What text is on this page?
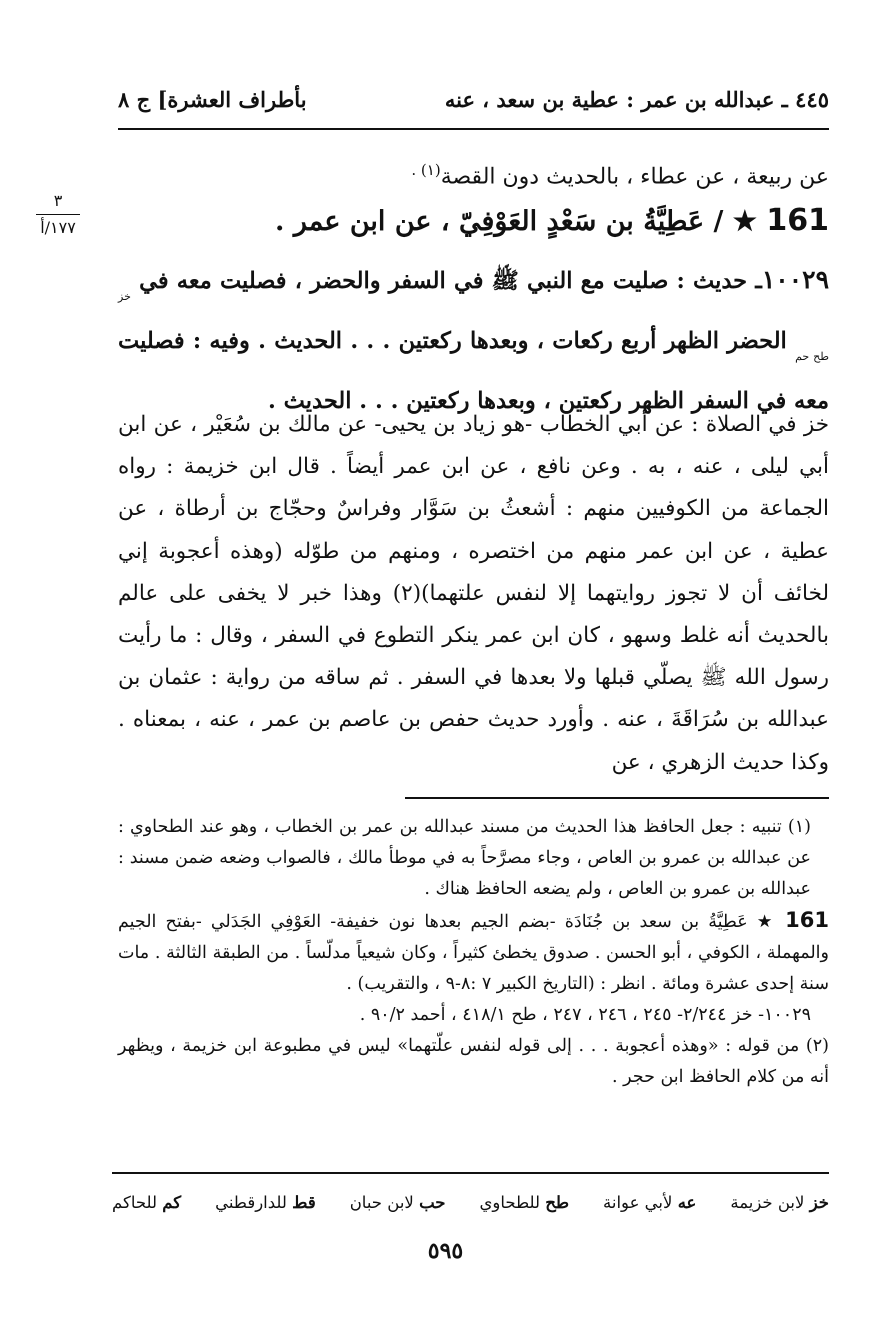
بأطراف العشرة] ج ٨	٤٤٥ ـ عبدالله بن عمر : عطية بن سعد ، عنه
٣
١٧٧/أ
عن ربيعة ، عن عطاء ، بالحديث دون القصة$^{(١) .}$
161 ★ / عَطِيَّةُ بن سَعْدٍ العَوْفِيّ ، عن ابن عمر .
١٠٠٢٩ـ حديث : صليت مع النبي ﷺ في السفر والحضر ، فصليت معه في $_{خز طح حم}$ الحضر الظهر أربع ركعات ، وبعدها ركعتين . . . الحديث . وفيه : فصليت معه في السفر الظهر ركعتين ، وبعدها ركعتين . . . الحديث .
خز في الصلاة : عن أبي الخطاب -هو زياد بن يحيى- عن مالك بن سُعَيْر ، عن ابن أبي ليلى ، عنه ، به . وعن نافع ، عن ابن عمر أيضاً . قال ابن خزيمة : رواه الجماعة من الكوفيين منهم : أشعثُ بن سَوَّار وفراسٌ وحجّاج بن أرطاة ، عن عطية ، عن ابن عمر منهم من اختصره ، ومنهم من طوّله (وهذه أعجوبة إني لخائف أن لا تجوز روايتهما إلا لنفس علتهما)(٢) وهذا خبر لا يخفى على عالم بالحديث أنه غلط وسهو ، كان ابن عمر ينكر التطوع في السفر ، وقال : ما رأيت رسول الله ﷺ يصلّي قبلها ولا بعدها في السفر . ثم ساقه من رواية : عثمان بن عبدالله بن سُرَاقَةَ ، عنه . وأورد حديث حفص بن عاصم بن عمر ، عنه ، بمعناه . وكذا حديث الزهري ، عن

(١) تنبيه : جعل الحافظ هذا الحديث من مسند عبدالله بن عمر بن الخطاب ، وهو عند الطحاوي : عن عبدالله بن عمرو بن العاص ، وجاء مصرَّحاً به في موطأ مالك ، فالصواب وضعه ضمن مسند : عبدالله بن عمرو بن العاص ، ولم يضعه الحافظ هناك .

161 ★ عَطِيَّةُ بن سعد بن جُنَادَة -بضم الجيم بعدها نون خفيفة- العَوْفِي الجَدَلي -بفتح الجيم والمهملة ، الكوفي ، أبو الحسن . صدوق يخطئ كثيراً ، وكان شيعياً مدلّساً . من الطبقة الثالثة . مات سنة إحدى عشرة ومائة . انظر : (التاريخ الكبير ٧ :٨-٩ ، والتقريب) .

١٠٠٢٩- خز ٢/٢٤٤- ٢٤٥ ، ٢٤٦ ، ٢٤٧ ، طح ٤١٨/١ ، أحمد ٩٠/٢ .

(٢) من قوله : «وهذه أعجوبة . . . إلى قوله لنفس علّتهما» ليس في مطبوعة ابن خزيمة ، ويظهر أنه من كلام الحافظ ابن حجر .

خز لابن خزيمة
عه لأبي عوانة
طح للطحاوي
حب لابن حبان
قط للدارقطني
كم للحاكم
٥٩٥
